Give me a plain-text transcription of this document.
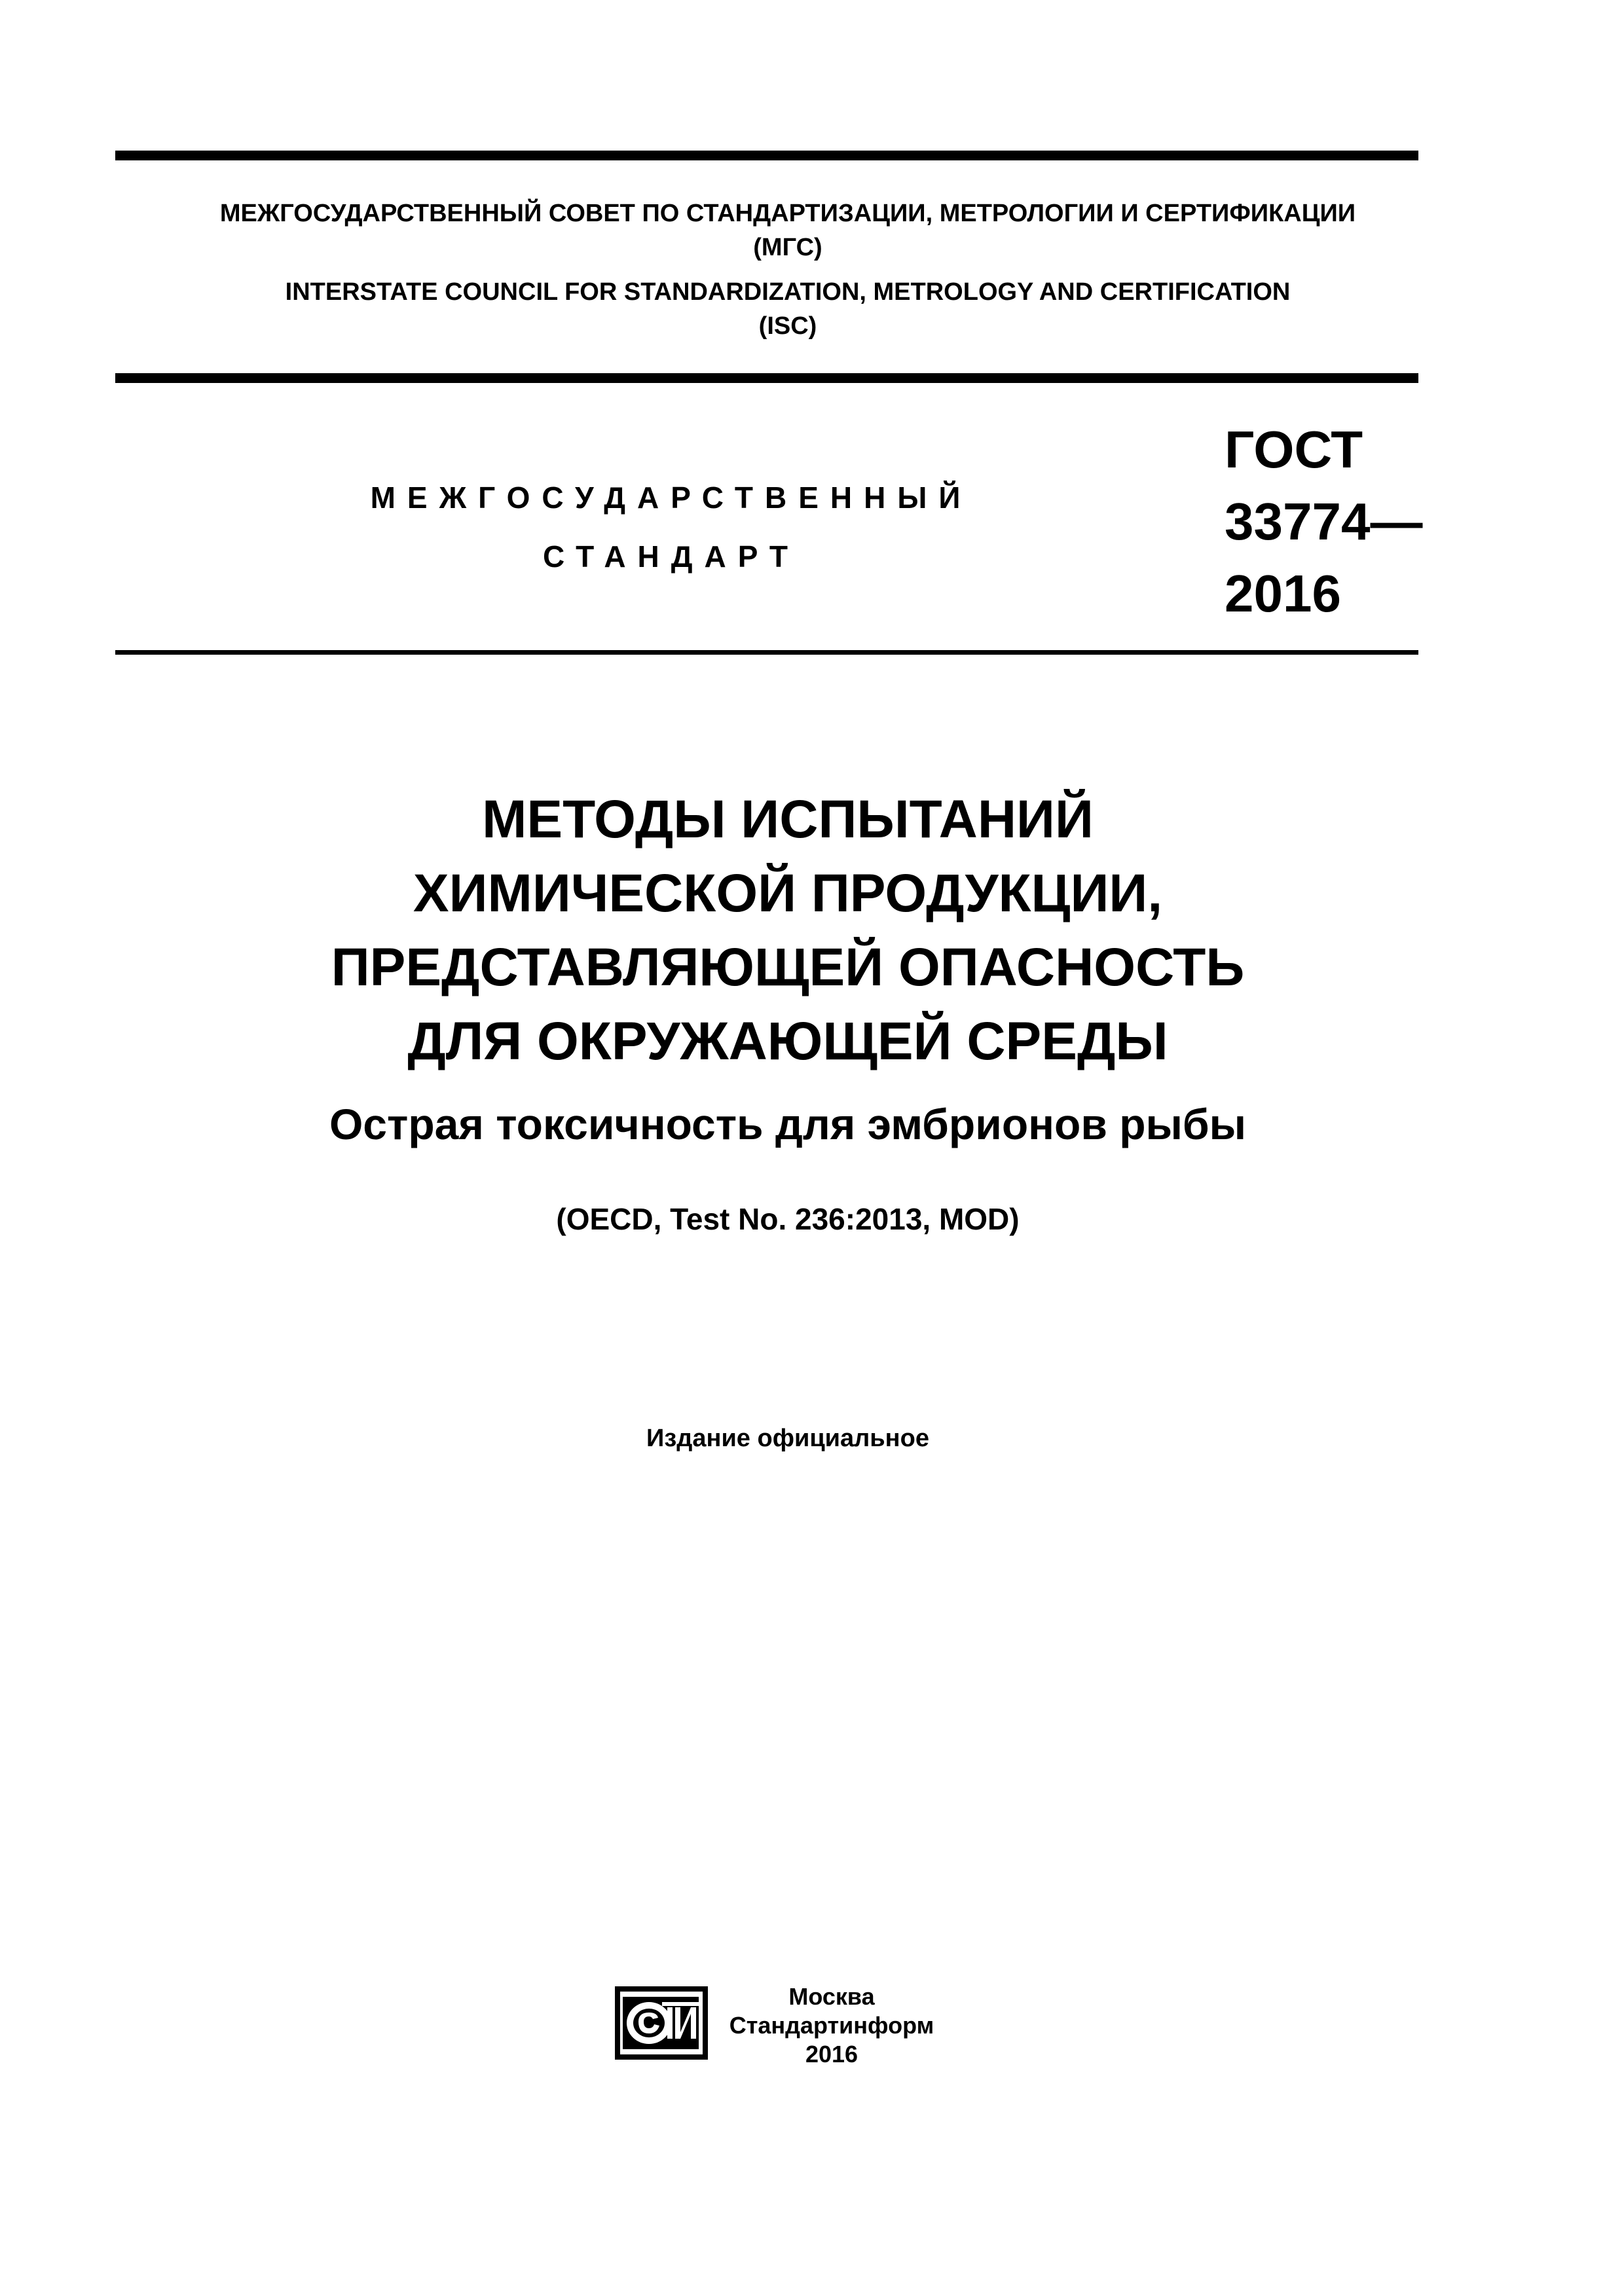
МЕЖГОСУДАРСТВЕННЫЙ СОВЕТ ПО СТАНДАРТИЗАЦИИ, МЕТРОЛОГИИ И СЕРТИФИКАЦИИ
(МГС)
INTERSTATE COUNCIL FOR STANDARDIZATION, METROLOGY AND CERTIFICATION
(ISC)
МЕЖГОСУДАРСТВЕННЫЙ
СТАНДАРТ
ГОСТ
33774—
2016
МЕТОДЫ ИСПЫТАНИЙ
ХИМИЧЕСКОЙ ПРОДУКЦИИ,
ПРЕДСТАВЛЯЮЩЕЙ ОПАСНОСТЬ
ДЛЯ ОКРУЖАЮЩЕЙ СРЕДЫ
Острая токсичность для эмбрионов рыбы
(OECD, Test No. 236:2013, MOD)
Издание официальное
Москва
Стандартинформ
2016
